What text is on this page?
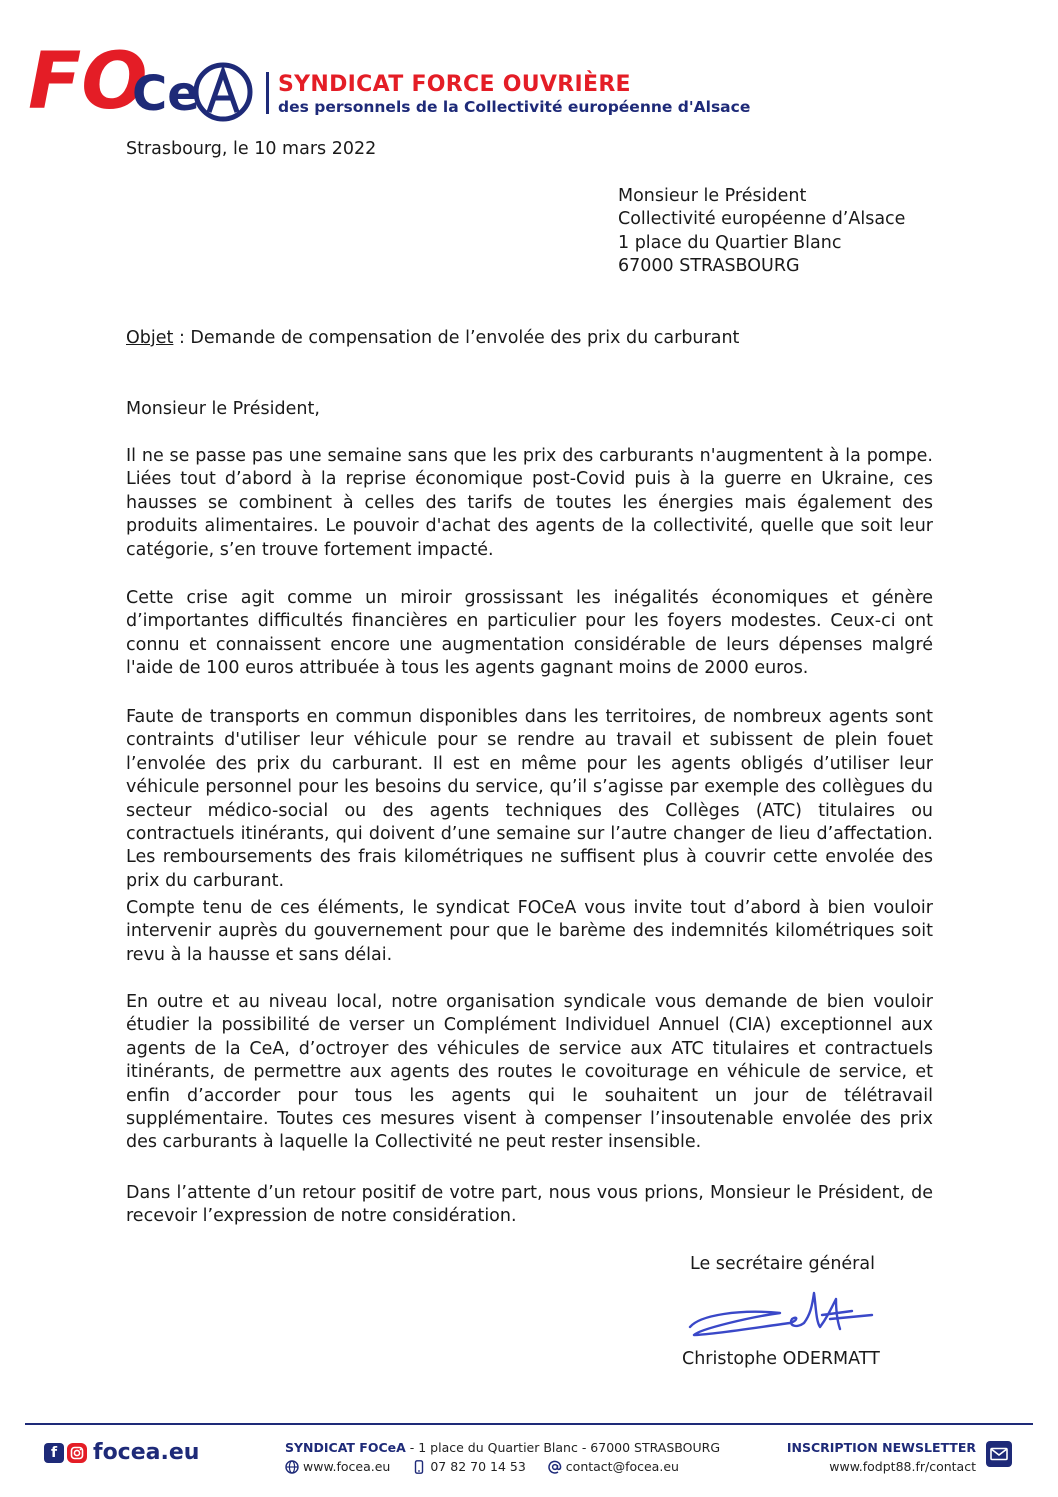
FO
Ce	SYNDICAT FORCE OUVRIÈRE
des personnels de la Collectivité européenne d'Alsace
Strasbourg, le 10 mars 2022
Monsieur le Président
Collectivité européenne d’Alsace
1 place du Quartier Blanc
67000 STRASBOURG
Objet : Demande de compensation de l’envolée des prix du carburant
Monsieur le Président,

Il ne se passe pas une semaine sans que les prix des carburants n'augmentent à la pompe. Liées tout d’abord à la reprise économique post-Covid puis à la guerre en Ukraine, ces hausses se combinent à celles des tarifs de toutes les énergies mais également des produits alimentaires. Le pouvoir d'achat des agents de la collectivité, quelle que soit leur catégorie, s’en trouve fortement impacté.

Cette crise agit comme un miroir grossissant les inégalités économiques et génère d’importantes difficultés financières en particulier pour les foyers modestes. Ceux-ci ont connu et connaissent encore une augmentation considérable de leurs dépenses malgré l'aide de 100 euros attribuée à tous les agents gagnant moins de 2000 euros.

Faute de transports en commun disponibles dans les territoires, de nombreux agents sont contraints d'utiliser leur véhicule pour se rendre au travail et subissent de plein fouet l’envolée des prix du carburant. Il est en même pour les agents obligés d’utiliser leur véhicule personnel pour les besoins du service, qu’il s’agisse par exemple des collègues du secteur médico-social ou des agents techniques des Collèges (ATC) titulaires ou contractuels itinérants, qui doivent d’une semaine sur l’autre changer de lieu d’affectation. Les remboursements des frais kilométriques ne suffisent plus à couvrir cette envolée des prix du carburant.

Compte tenu de ces éléments, le syndicat FOCeA vous invite tout d’abord à bien vouloir intervenir auprès du gouvernement pour que le barème des indemnités kilométriques soit revu à la hausse et sans délai.

En outre et au niveau local, notre organisation syndicale vous demande de bien vouloir étudier la possibilité de verser un Complément Individuel Annuel (CIA) exceptionnel aux agents de la CeA, d’octroyer des véhicules de service aux ATC titulaires et contractuels itinérants, de permettre aux agents des routes le covoiturage en véhicule de service, et enfin d’accorder pour tous les agents qui le souhaitent un jour de télétravail supplémentaire. Toutes ces mesures visent à compenser l’insoutenable envolée des prix des carburants à laquelle la Collectivité ne peut rester insensible.

Dans l’attente d’un retour positif de votre part, nous vous prions, Monsieur le Président, de recevoir l’expression de notre considération.

Le secrétaire général
Christophe ODERMATT
f	focea.eu	SYNDICAT FOCeA - 1 place du Quartier Blanc - 67000 STRASBOURG
www.focea.eu	07 82 70 14 53	contact@focea.eu
INSCRIPTION NEWSLETTER
www.fodpt88.fr/contact
